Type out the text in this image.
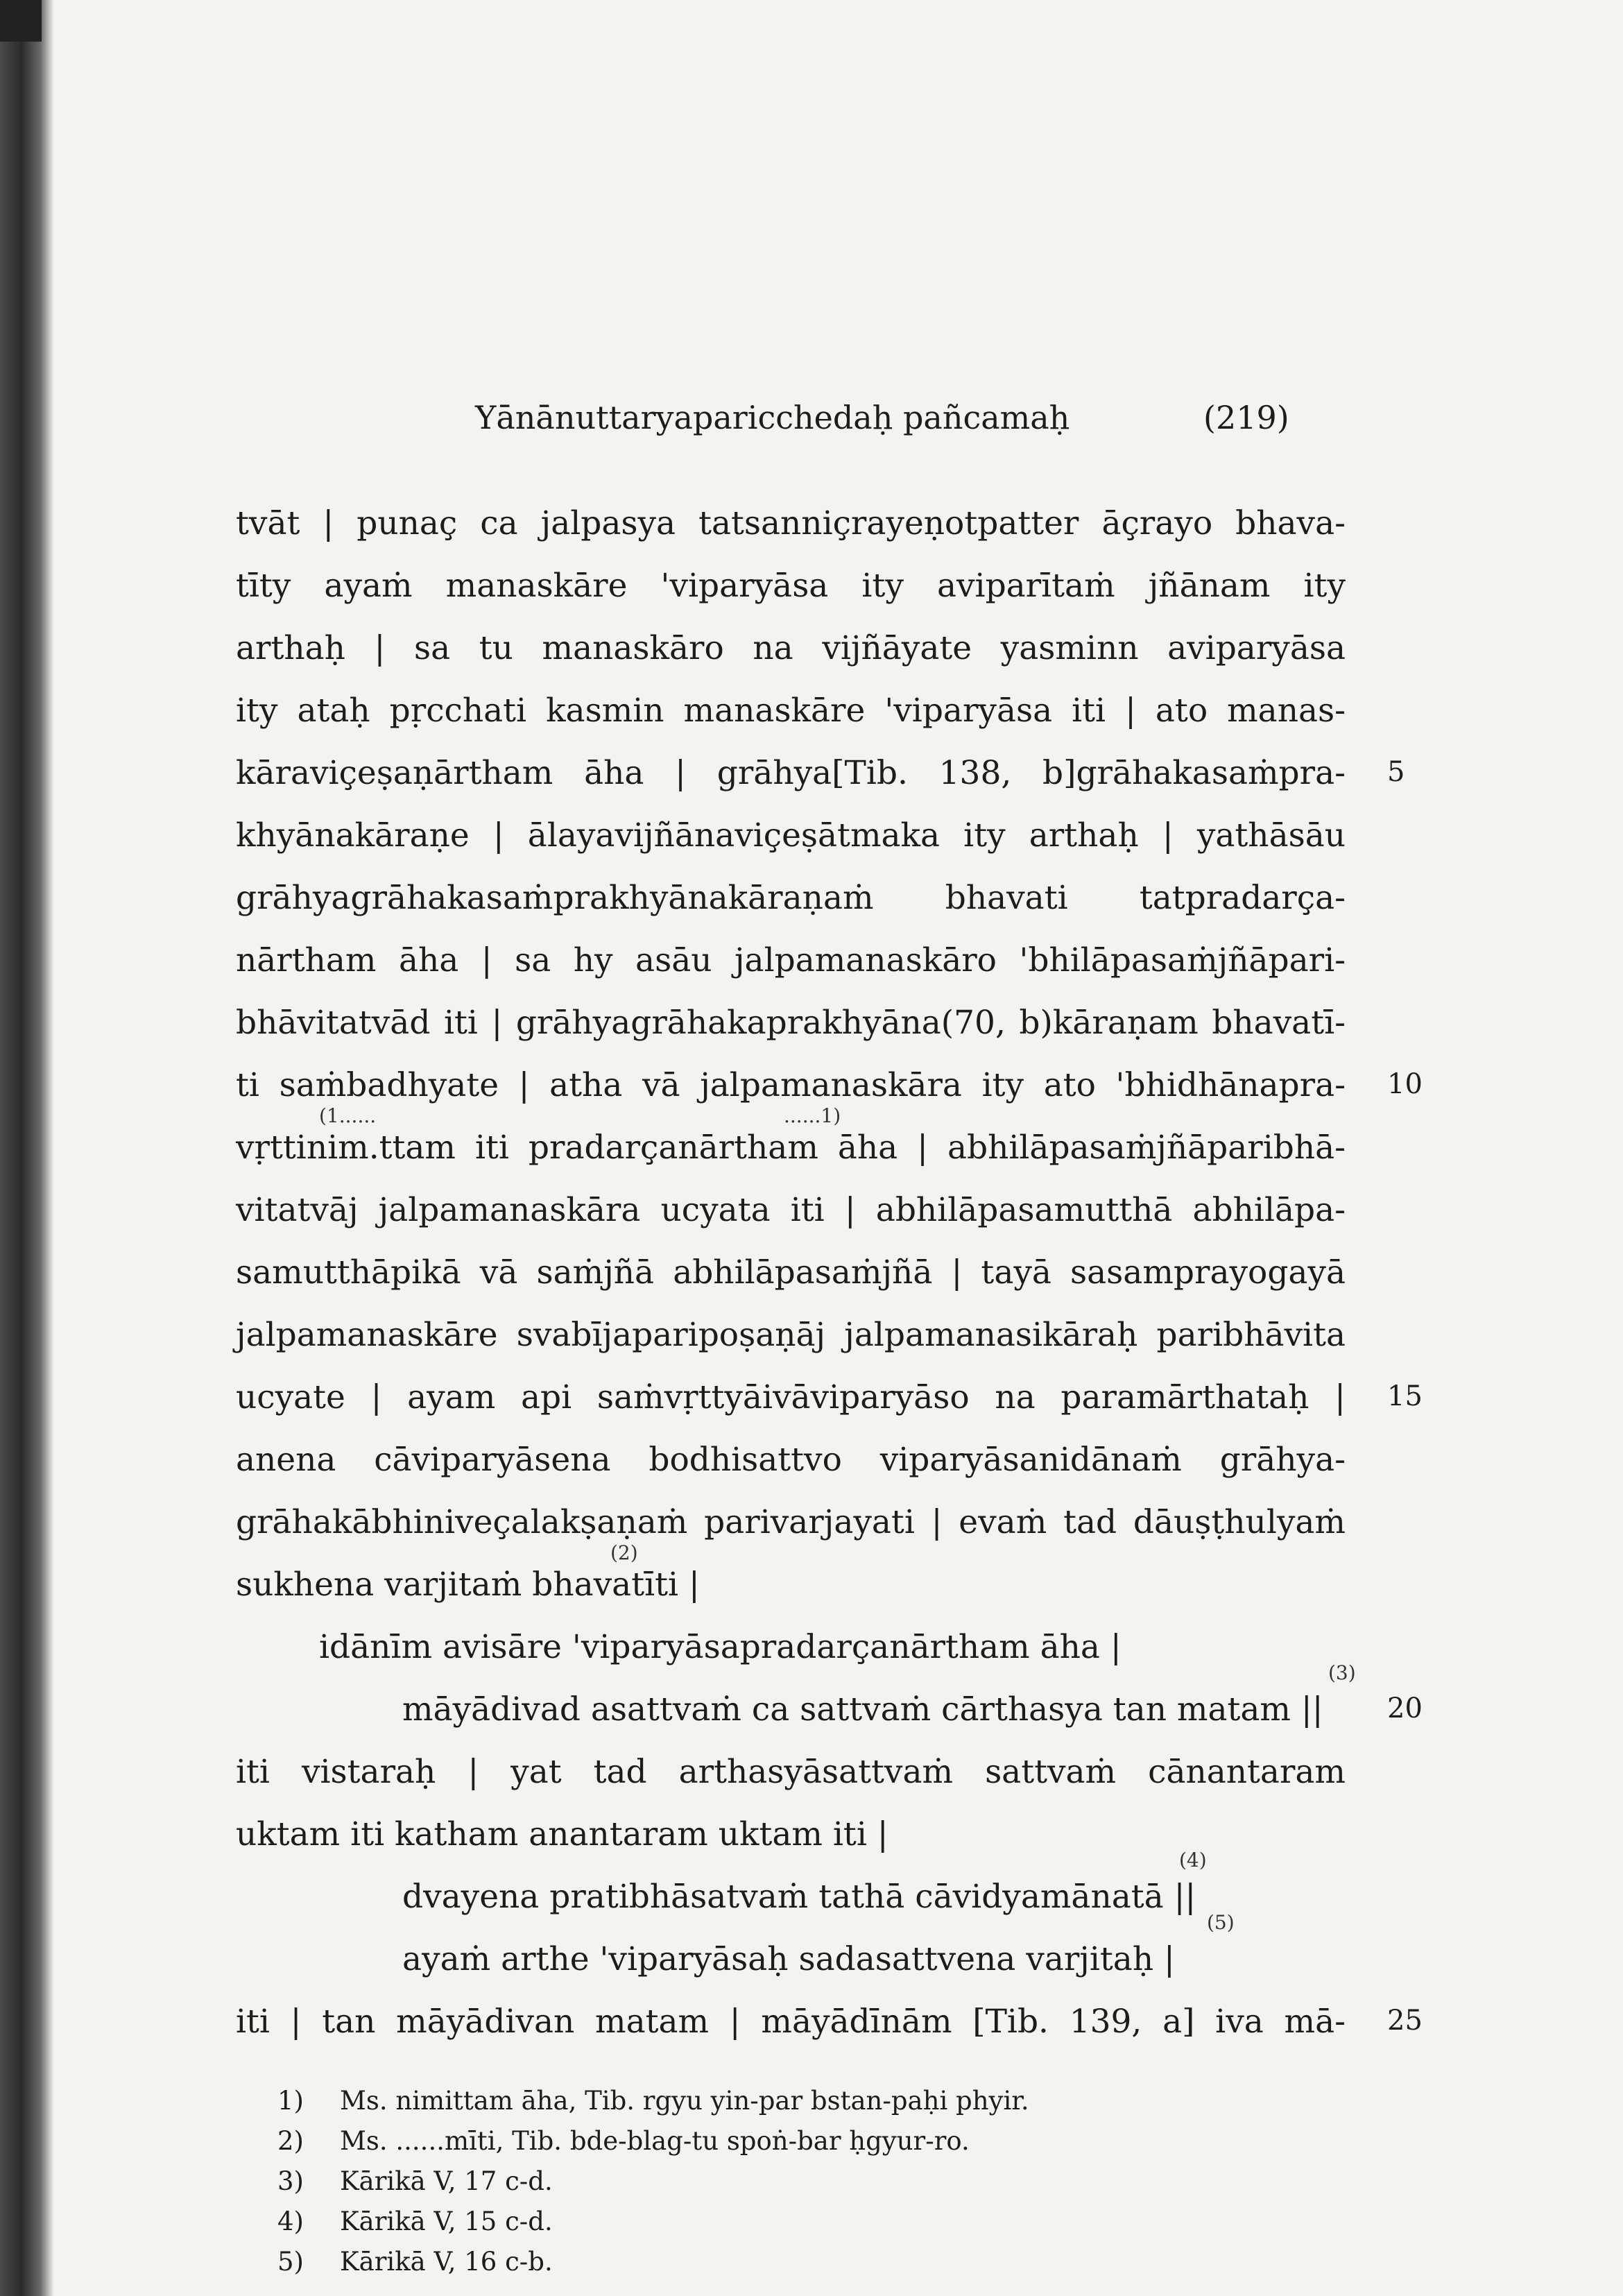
Yānānuttaryaparicchedaḥ pañcamaḥ	(219)
tvāt | punaç ca jalpasya tatsanniçrayeṇotpatter āçrayo bhava-
tīty ayaṁ manaskāre 'viparyāsa ity aviparītaṁ jñānam ity
arthaḥ | sa tu manaskāro na vijñāyate yasminn aviparyāsa
ity ataḥ pṛcchati kasmin manaskāre 'viparyāsa iti | ato manas-
kāraviçeṣaṇārtham āha | grāhya[Tib. 138, b]grāhakasaṁpra-
khyānakāraṇe | ālayavijñānaviçeṣātmaka ity arthaḥ | yathāsāu
grāhyagrāhakasaṁprakhyānakāraṇaṁ bhavati tatpradarça-
nārtham āha | sa hy asāu jalpamanaskāro 'bhilāpasaṁjñāpari-
bhāvitatvād iti | grāhyagrāhakaprakhyāna(70, b)kāraṇam bhavatī-
ti saṁbadhyate | atha vā jalpamanaskāra ity ato 'bhidhānapra-
vṛttinim.ttam iti pradarçanārtham āha | abhilāpasaṁjñāparibhā-
vitatvāj jalpamanaskāra ucyata iti | abhilāpasamutthā abhilāpa-
samutthāpikā vā saṁjñā abhilāpasaṁjñā | tayā sasamprayogayā
jalpamanaskāre svabījaparipoṣaṇāj jalpamanasikāraḥ paribhāvita
ucyate | ayam api saṁvṛttyāivāviparyāso na paramārthataḥ |
anena cāviparyāsena bodhisattvo viparyāsanidānaṁ grāhya-
grāhakābhiniveçalakṣaṇaṁ parivarjayati | evaṁ tad dāuṣṭhulyaṁ
sukhena varjitaṁ bhavatīti |
idānīm avisāre 'viparyāsapradarçanārtham āha |
māyādivad asattvaṁ ca sattvaṁ cārthasya tan matam ||
iti vistaraḥ | yat tad arthasyāsattvaṁ sattvaṁ cānantaram
uktam iti katham anantaram uktam iti |
dvayena pratibhāsatvaṁ tathā cāvidyamānatā ||
ayaṁ arthe 'viparyāsaḥ sadasattvena varjitaḥ |
iti | tan māyādivan matam | māyādīnām [Tib. 139, a] iva mā-
5
10
15
20
25
(1......	......1)
(2)
(3)
(4)
(5)
1) Ms. nimittam āha, Tib. rgyu yin-par bstan-paḥi phyir.
2) Ms. ......mīti, Tib. bde-blag-tu spoṅ-bar ḥgyur-ro.
3) Kārikā V, 17 c-d.
4) Kārikā V, 15 c-d.
5) Kārikā V, 16 c-b.
